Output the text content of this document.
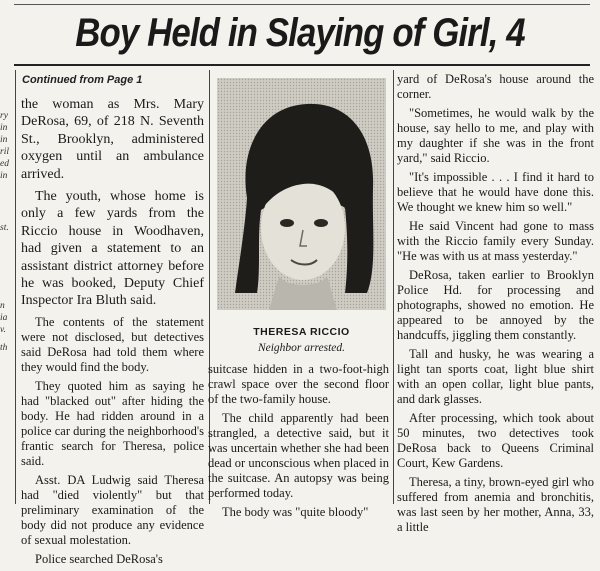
Boy Held in Slaying of Girl, 4
ry
in
in
ril
ed
in
st.
n
ia
v.
th
Continued from Page 1

the woman as Mrs. Mary DeRosa, 69, of 218 N. Seventh St., Brooklyn, administered oxygen until an ambulance arrived.

The youth, whose home is only a few yards from the Riccio house in Woodhaven, had given a statement to an assistant district attorney before he was booked, Deputy Chief Inspector Ira Bluth said.

The contents of the statement were not disclosed, but detectives said DeRosa had told them where they would find the body.

They quoted him as saying he had "blacked out" after hiding the body. He had ridden around in a police car during the neighborhood's frantic search for Theresa, police said.

Asst. DA Ludwig said Theresa had "died violently" but that preliminary examination of the body did not produce any evidence of sexual molestation.

Police searched DeRosa's

THERESA RICCIO
Neighbor arrested.

suitcase hidden in a two-foot-high crawl space over the second floor of the two-family house.

The child apparently had been strangled, a detective said, but it was uncertain whether she had been dead or unconscious when placed in the suitcase. An autopsy was being performed today.

The body was "quite bloody"

yard of DeRosa's house around the corner.

"Sometimes, he would walk by the house, say hello to me, and play with my daughter if she was in the front yard," said Riccio.

"It's impossible . . . I find it hard to believe that he would have done this. We thought we knew him so well."

He said Vincent had gone to mass with the Riccio family every Sunday. "He was with us at mass yesterday."

DeRosa, taken earlier to Brooklyn Police Hd. for processing and photographs, showed no emotion. He appeared to be annoyed by the handcuffs, jiggling them constantly.

Tall and husky, he was wearing a light tan sports coat, light blue shirt with an open collar, light blue pants, and dark glasses.

After processing, which took about 50 minutes, two detectives took DeRosa back to Queens Criminal Court, Kew Gardens.

Theresa, a tiny, brown-eyed girl who suffered from anemia and bronchitis, was last seen by her mother, Anna, 33, a little
